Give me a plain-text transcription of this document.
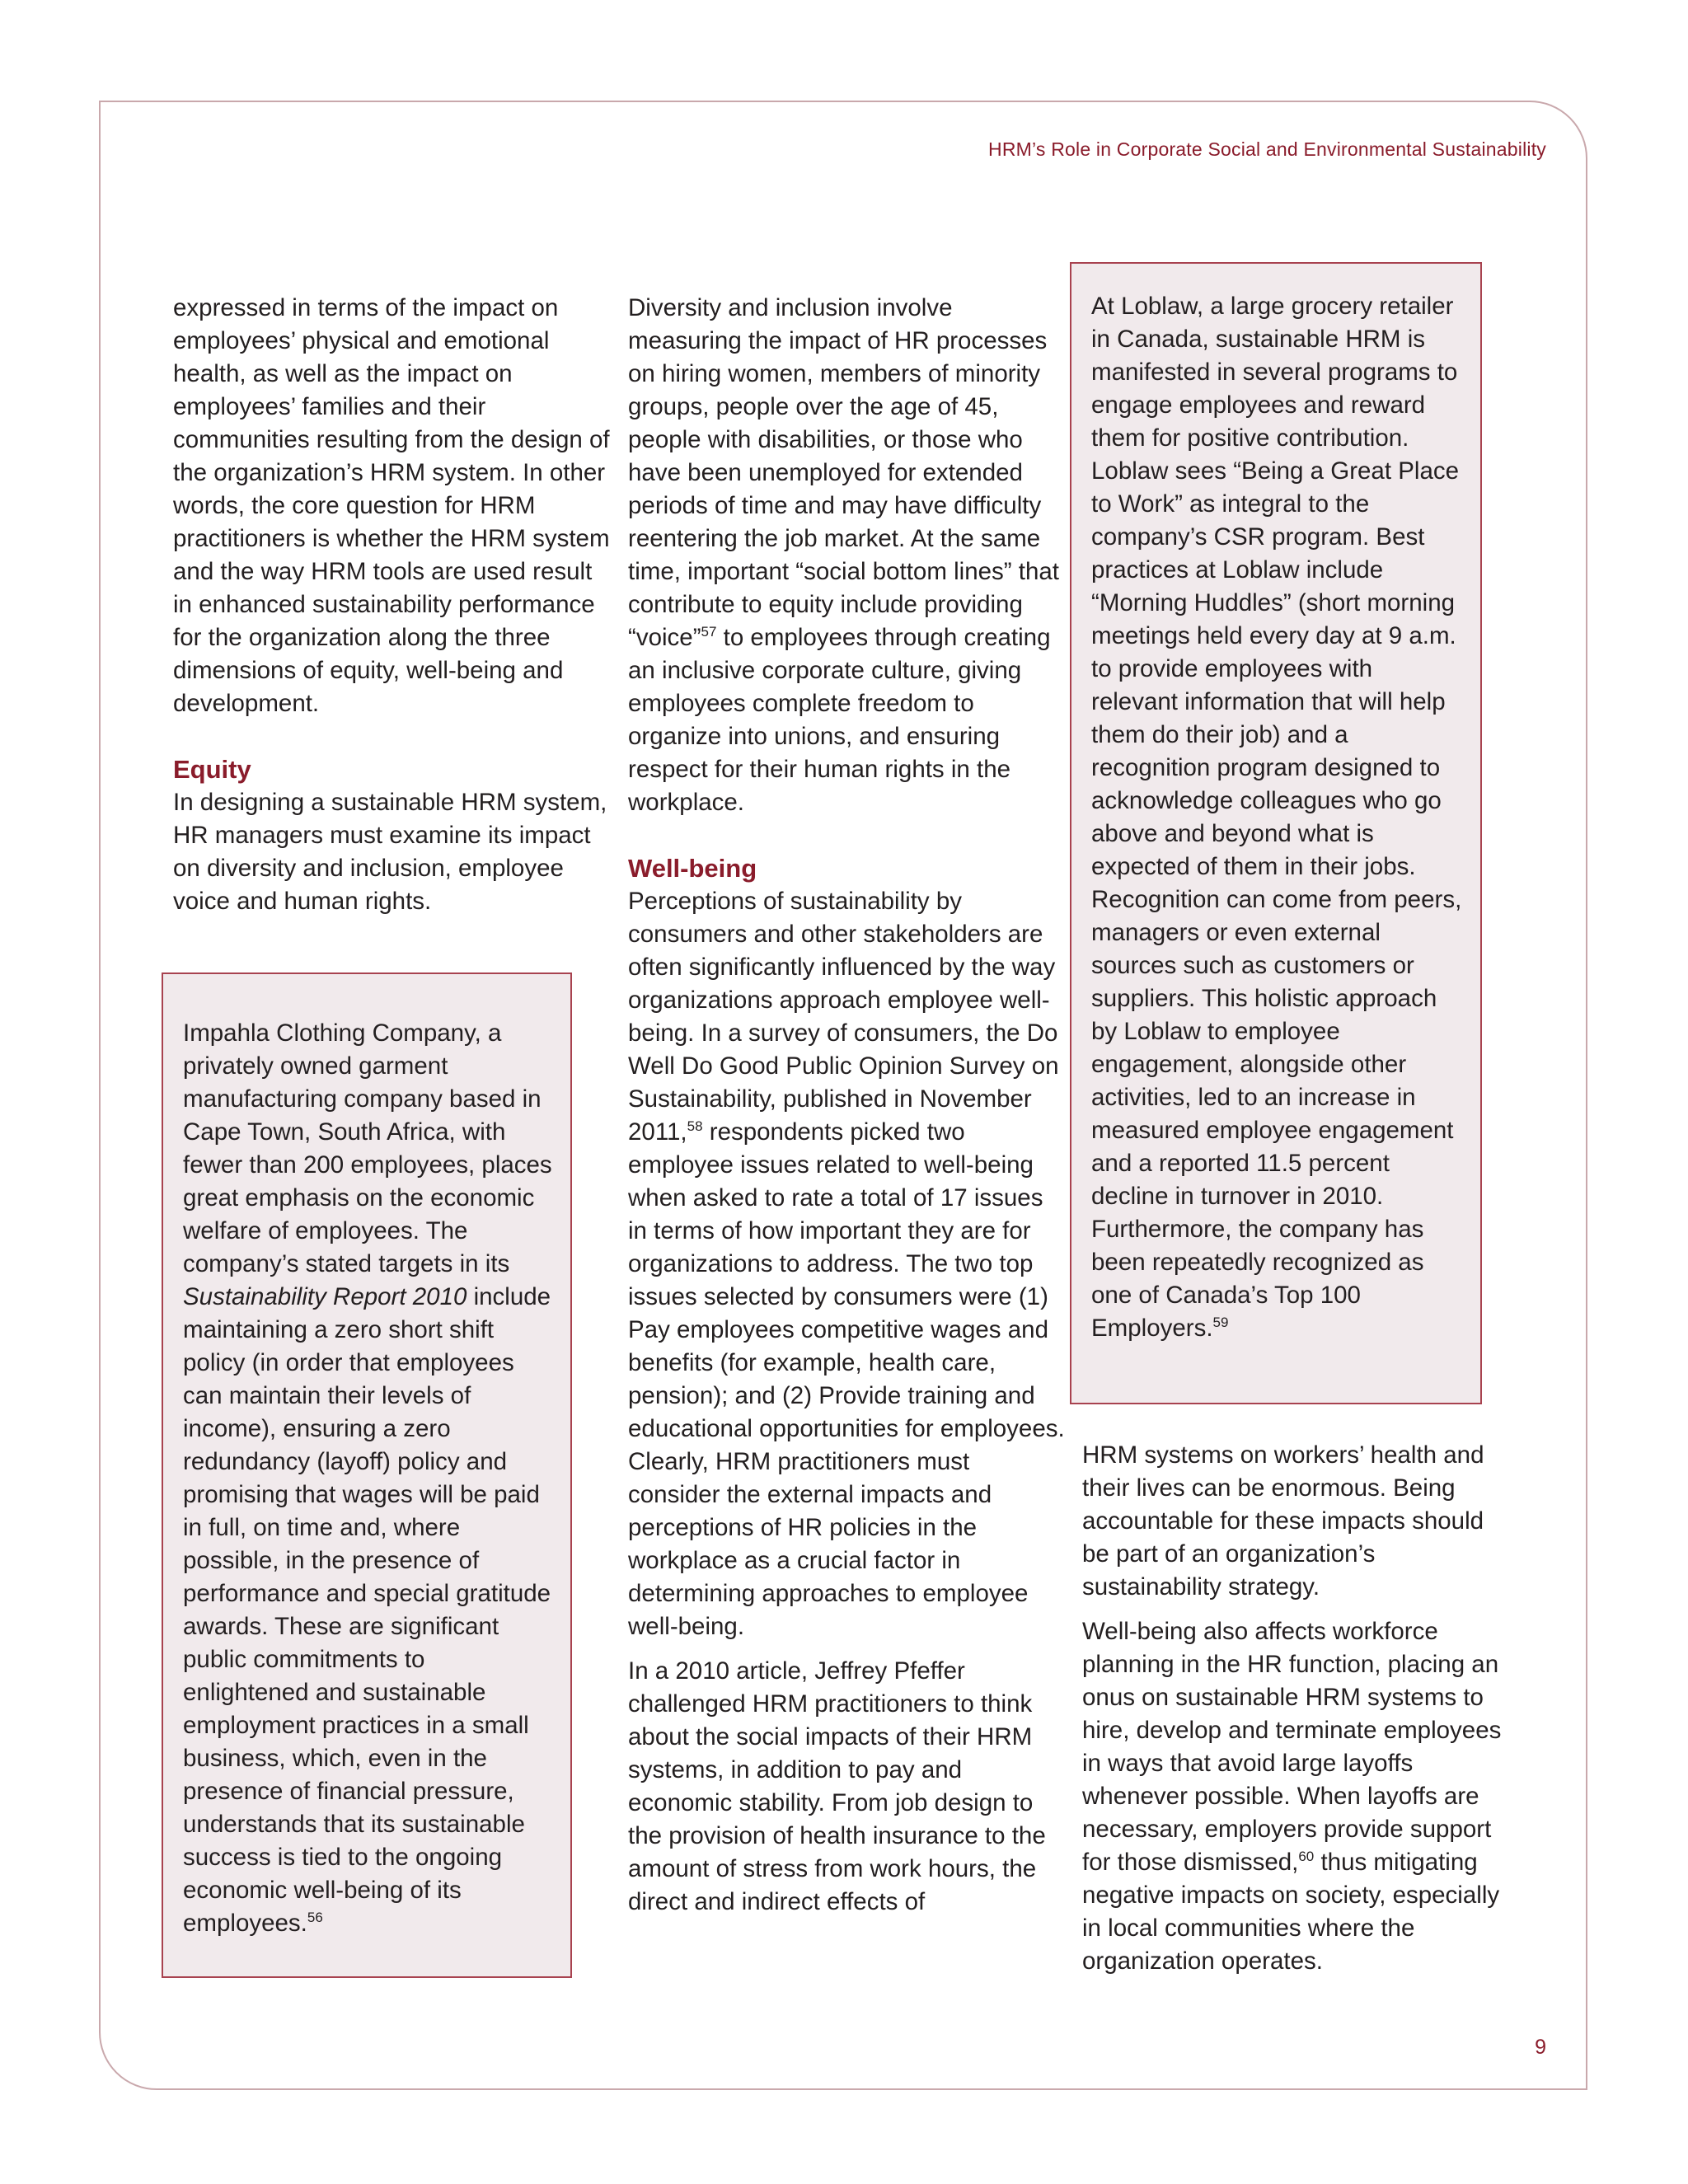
HRM’s Role in Corporate Social and Environmental Sustainability

expressed in terms of the impact on employees’ physical and emotional health, as well as the impact on employees’ families and their communities resulting from the design of the organization’s HRM system. In other words, the core question for HRM practitioners is whether the HRM system and the way HRM tools are used result in enhanced sustainability performance for the organization along the three dimensions of equity, well-being and development.

Equity

In designing a sustainable HRM system, HR managers must examine its impact on diversity and inclusion, employee voice and human rights.

Impahla Clothing Company, a privately owned garment manufacturing company based in Cape Town, South Africa, with fewer than 200 employees, places great emphasis on the economic welfare of employees. The company’s stated targets in its Sustainability Report 2010 include maintaining a zero short shift policy (in order that employees can maintain their levels of income), ensuring a zero redundancy (layoff) policy and promising that wages will be paid in full, on time and, where possible, in the presence of performance and special gratitude awards. These are significant public commitments to enlightened and sustainable employment practices in a small business, which, even in the presence of financial pressure, understands that its sustainable success is tied to the ongoing economic well-being of its employees.$^{56}$

Diversity and inclusion involve measuring the impact of HR processes on hiring women, members of minority groups, people over the age of 45, people with disabilities, or those who have been unemployed for extended periods of time and may have difficulty reentering the job market. At the same time, important “social bottom lines” that contribute to equity include providing “voice”$^{57}$ to employees through creating an inclusive corporate culture, giving employees complete freedom to organize into unions, and ensuring respect for their human rights in the workplace.

Well-being

Perceptions of sustainability by consumers and other stakeholders are often significantly influenced by the way organizations approach employee well-being. In a survey of consumers, the Do Well Do Good Public Opinion Survey on Sustainability, published in November 2011,58 respondents picked two employee issues related to well-being when asked to rate a total of 17 issues in terms of how important they are for organizations to address. The two top issues selected by consumers were (1) Pay employees competitive wages and benefits (for example, health care, pension); and (2) Provide training and educational opportunities for employees. Clearly, HRM practitioners must consider the external impacts and perceptions of HR policies in the workplace as a crucial factor in determining approaches to employee well-being.

In a 2010 article, Jeffrey Pfeffer challenged HRM practitioners to think about the social impacts of their HRM systems, in addition to pay and economic stability. From job design to the provision of health insurance to the amount of stress from work hours, the direct and indirect effects of

At Loblaw, a large grocery retailer in Canada, sustainable HRM is manifested in several programs to engage employees and reward them for positive contribution. Loblaw sees “Being a Great Place to Work” as integral to the company’s CSR program. Best practices at Loblaw include “Morning Huddles” (short morning meetings held every day at 9 a.m. to provide employees with relevant information that will help them do their job) and a recognition program designed to acknowledge colleagues who go above and beyond what is expected of them in their jobs. Recognition can come from peers, managers or even external sources such as customers or suppliers. This holistic approach by Loblaw to employee engagement, alongside other activities, led to an increase in measured employee engagement and a reported 11.5 percent decline in turnover in 2010. Furthermore, the company has been repeatedly recognized as one of Canada’s Top 100 Employers.$^{59}$

HRM systems on workers’ health and their lives can be enormous. Being accountable for these impacts should be part of an organization’s sustainability strategy.

Well-being also affects workforce planning in the HR function, placing an onus on sustainable HRM systems to hire, develop and terminate employees in ways that avoid large layoffs whenever possible. When layoffs are necessary, employers provide support for those dismissed,$^{60}$ thus mitigating negative impacts on society, especially in local communities where the organization operates.

9
